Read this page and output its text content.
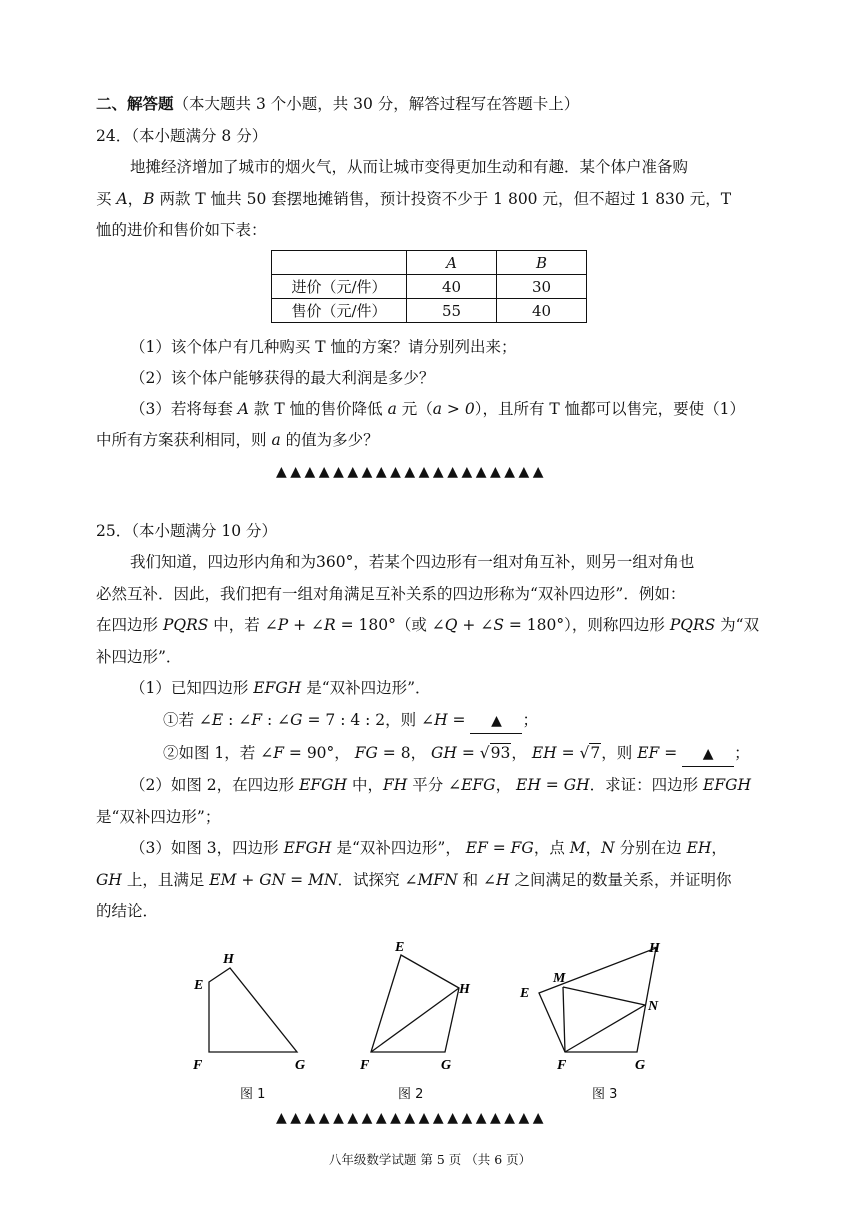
二、解答题（本大题共 3 个小题，共 30 分，解答过程写在答题卡上）
24．（本小题满分 8 分）
地摊经济增加了城市的烟火气，从而让城市变得更加生动和有趣．某个体户准备购
买 A，B 两款 T 恤共 50 套摆地摊销售，预计投资不少于 1 800 元，但不超过 1 830 元，T
恤的进价和售价如下表：
	A	B
进价（元/件）	40	30
售价（元/件）	55	40
（1）该个体户有几种购买 T 恤的方案？请分别列出来；
（2）该个体户能够获得的最大利润是多少？
（3）若将每套 A 款 T 恤的售价降低 a 元（a > 0），且所有 T 恤都可以售完，要使（1）
中所有方案获利相同，则 a 的值为多少？
▲▲▲▲▲▲▲▲▲▲▲▲▲▲▲▲▲▲▲
25．（本小题满分 10 分）
我们知道，四边形内角和为360°，若某个四边形有一组对角互补，则另一组对角也
必然互补．因此，我们把有一组对角满足互补关系的四边形称为“双补四边形”．例如：
在四边形 PQRS 中，若 ∠P + ∠R = 180°（或 ∠Q + ∠S = 180°），则称四边形 PQRS 为“双
补四边形”．
（1）已知四边形 EFGH 是“双补四边形”．
①若 ∠E : ∠F : ∠G = 7 : 4 : 2，则 ∠H = ▲ ；
②如图 1，若 ∠F = 90°， FG = 8， GH = √93， EH = √7，则 EF = ▲ ；
（2）如图 2，在四边形 EFGH 中，FH 平分 ∠EFG， EH = GH．求证：四边形 EFGH
是“双补四边形”；
（3）如图 3，四边形 EFGH 是“双补四边形”， EF = FG，点 M，N 分别在边 EH，
GH 上，且满足 EM + GN = MN．试探究 ∠MFN 和 ∠H 之间满足的数量关系，并证明你
的结论．
E
H
F	G
图 1
E
H
F	G
图 2
E
M
H
N
F	G
图 3
▲▲▲▲▲▲▲▲▲▲▲▲▲▲▲▲▲▲▲
八年级数学试题 第 5 页 （共 6 页）
